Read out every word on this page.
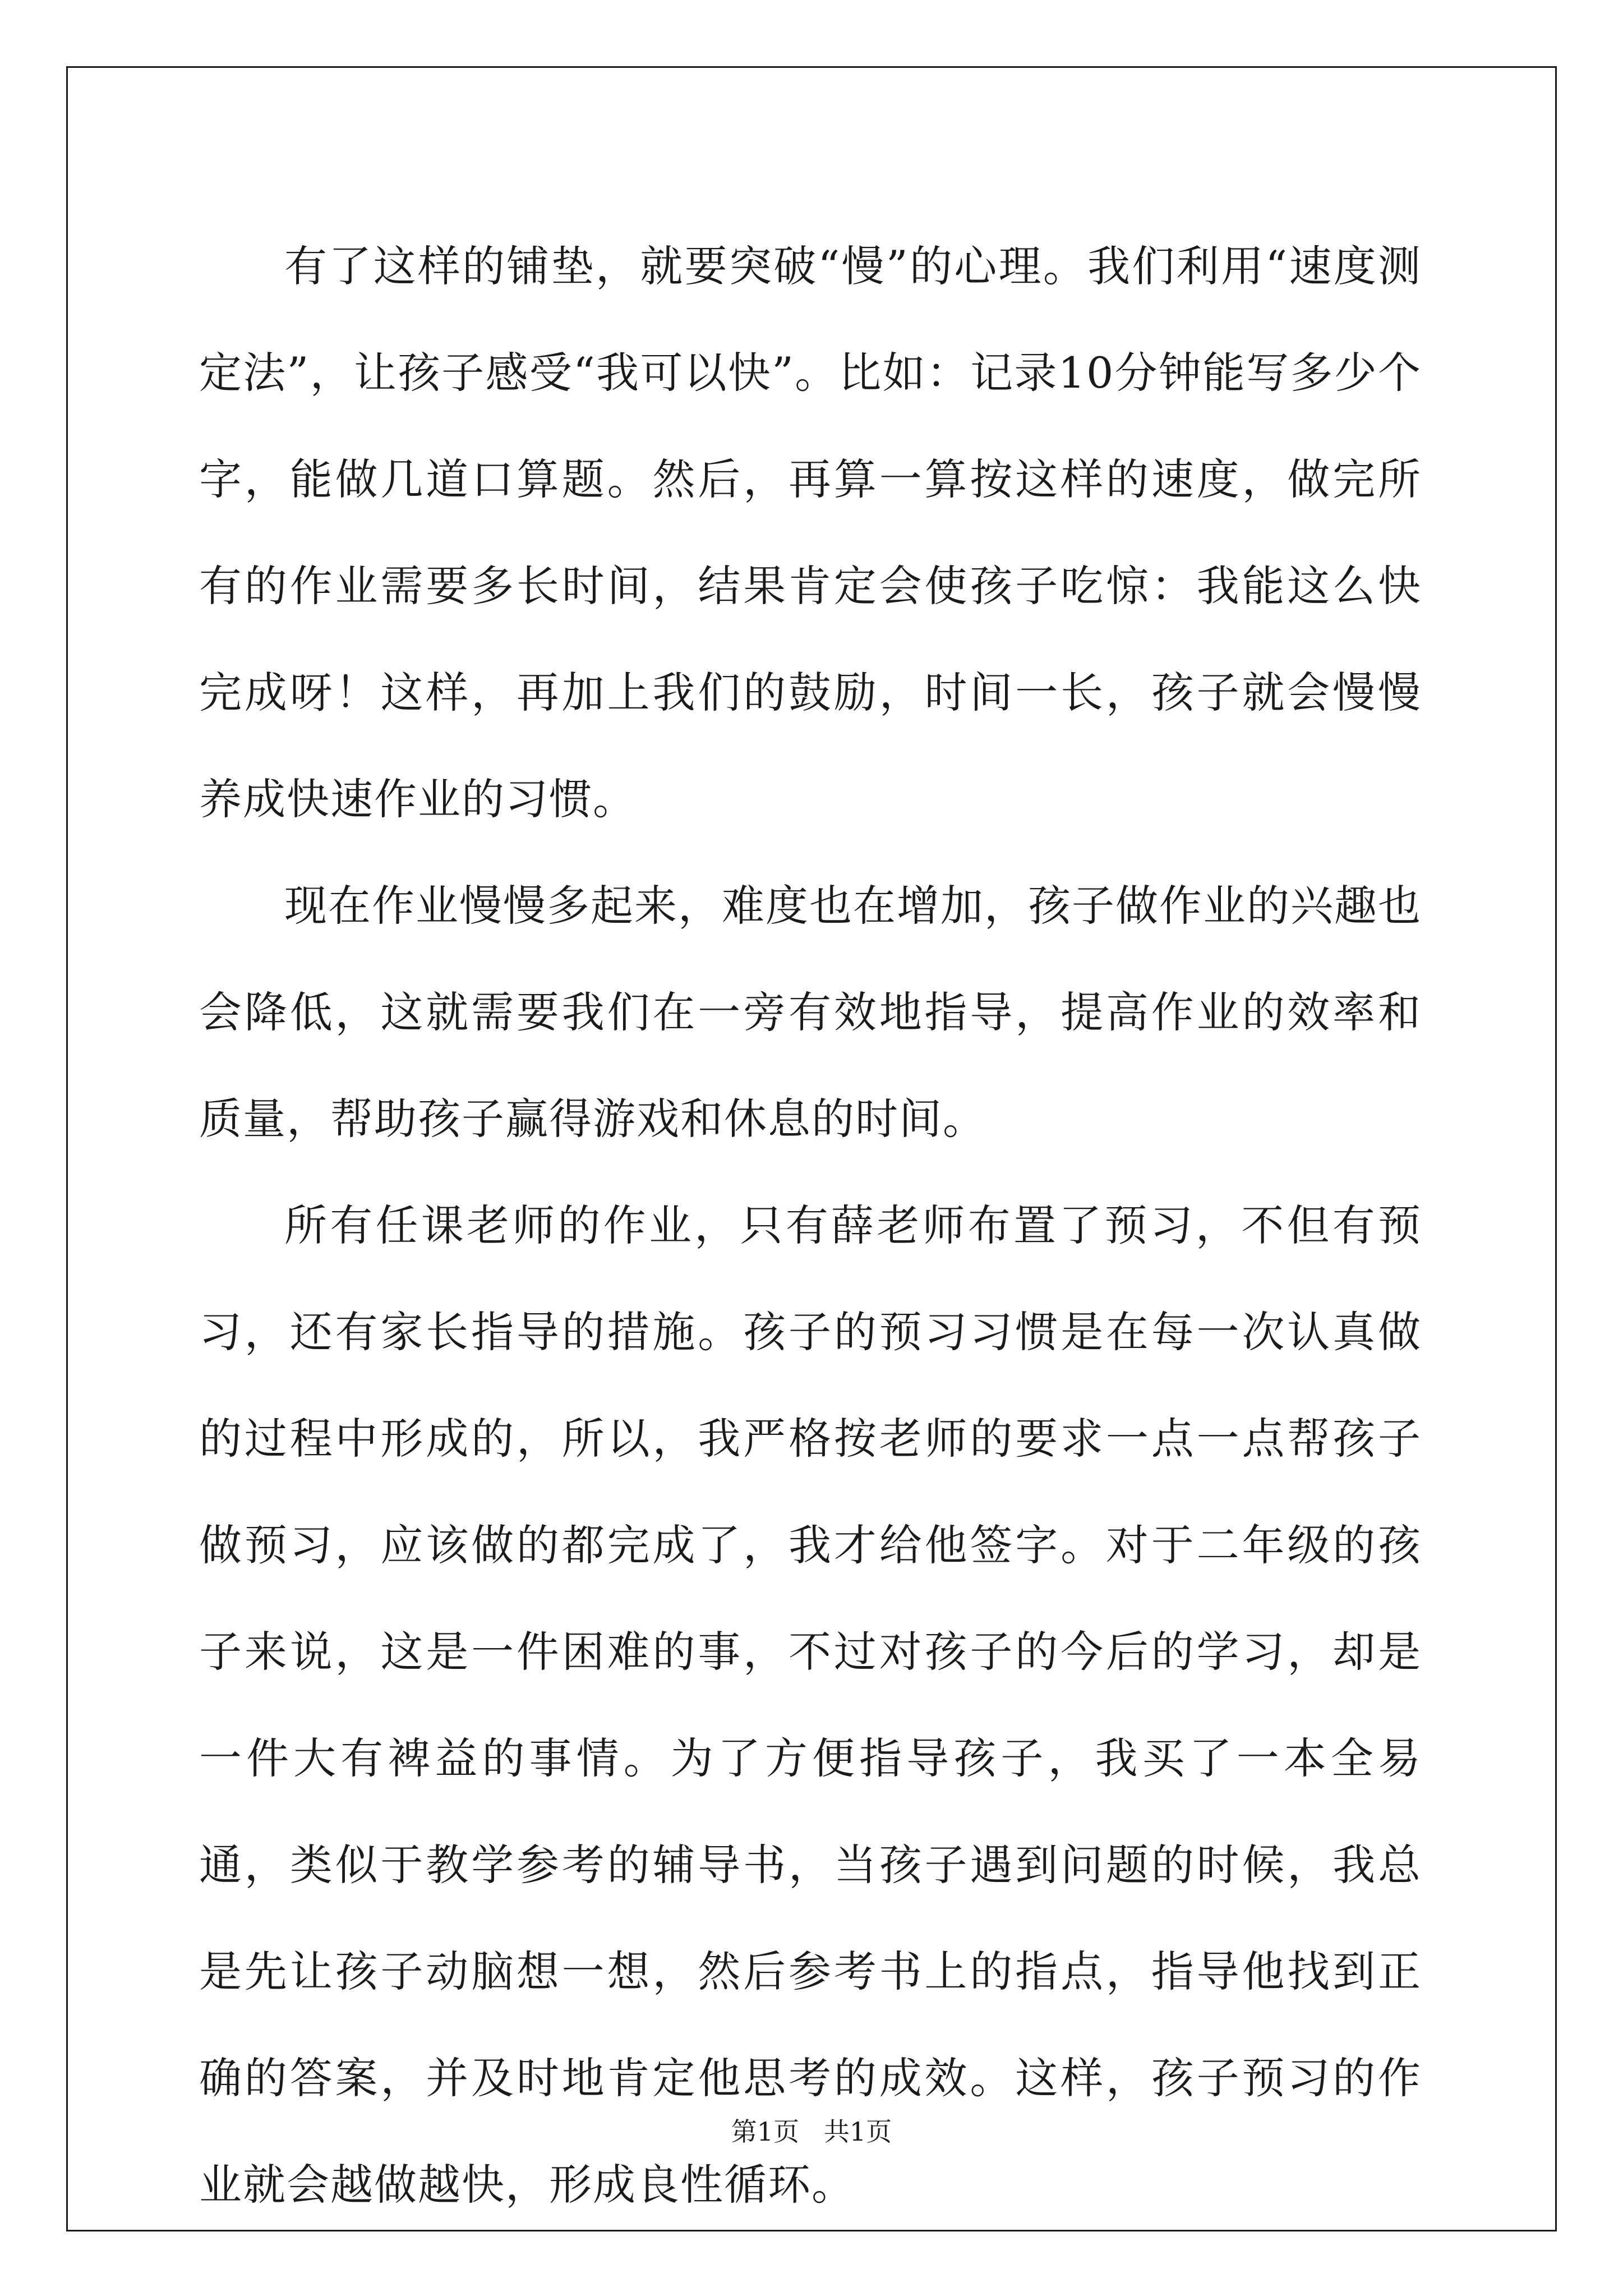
有了这样的铺垫，就要突破“慢”的心理。我们利用“速度测定法”，让孩子感受“我可以快”。比如：记录10分钟能写多少个字，能做几道口算题。然后，再算一算按这样的速度，做完所有的作业需要多长时间，结果肯定会使孩子吃惊：我能这么快完成呀！这样，再加上我们的鼓励，时间一长，孩子就会慢慢养成快速作业的习惯。

现在作业慢慢多起来，难度也在增加，孩子做作业的兴趣也会降低，这就需要我们在一旁有效地指导，提高作业的效率和质量，帮助孩子赢得游戏和休息的时间。

所有任课老师的作业，只有薛老师布置了预习，不但有预习，还有家长指导的措施。孩子的预习习惯是在每一次认真做的过程中形成的，所以，我严格按老师的要求一点一点帮孩子做预习，应该做的都完成了，我才给他签字。对于二年级的孩子来说，这是一件困难的事，不过对孩子的今后的学习，却是一件大有裨益的事情。为了方便指导孩子，我买了一本全易通，类似于教学参考的辅导书，当孩子遇到问题的时候，我总是先让孩子动脑想一想，然后参考书上的指点，指导他找到正确的答案，并及时地肯定他思考的成效。这样，孩子预习的作业就会越做越快，形成良性循环。

第1页   共1页
